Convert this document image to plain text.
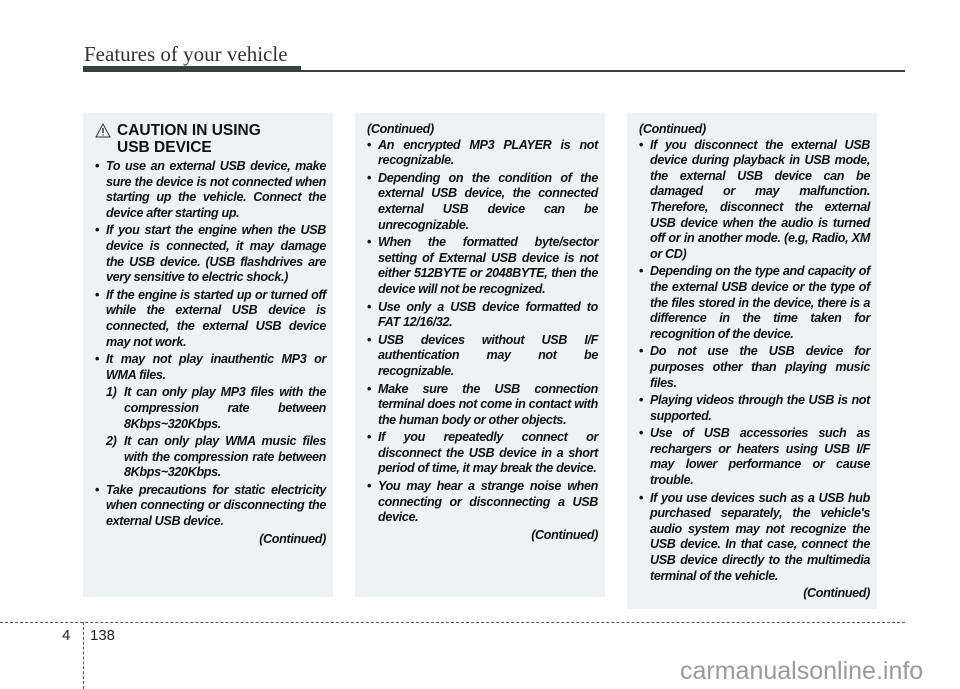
Features of your vehicle
CAUTION IN USING
USB DEVICE
• To use an external USB device, make sure the device is not connected when starting up the vehicle. Connect the device after starting up.
• If you start the engine when the USB device is connected, it may damage the USB device. (USB flashdrives are very sensitive to electric shock.)
• If the engine is started up or turned off while the external USB device is connected, the external USB device may not work.
• It may not play inauthentic MP3 or WMA files.
1) It can only play MP3 files with the compression rate between 8Kbps~320Kbps.
2) It can only play WMA music files with the compression rate between 8Kbps~320Kbps.
• Take precautions for static electricity when connecting or disconnecting the external USB device.
(Continued)
(Continued)
• An encrypted MP3 PLAYER is not recognizable.
• Depending on the condition of the external USB device, the connected external USB device can be unrecognizable.
• When the formatted byte/sector setting of External USB device is not either 512BYTE or 2048BYTE, then the device will not be recognized.
• Use only a USB device formatted to FAT 12/16/32.
• USB devices without USB I/F authentication may not be recognizable.
• Make sure the USB connection terminal does not come in contact with the human body or other objects.
• If you repeatedly connect or disconnect the USB device in a short period of time, it may break the device.
• You may hear a strange noise when connecting or disconnecting a USB device.
(Continued)
(Continued)
• If you disconnect the external USB device during playback in USB mode, the external USB device can be damaged or may malfunction. Therefore, disconnect the external USB device when the audio is turned off or in another mode. (e.g, Radio, XM or CD)
• Depending on the type and capacity of the external USB device or the type of the files stored in the device, there is a difference in the time taken for recognition of the device.
• Do not use the USB device for purposes other than playing music files.
• Playing videos through the USB is not supported.
• Use of USB accessories such as rechargers or heaters using USB I/F may lower performance or cause trouble.
• If you use devices such as a USB hub purchased separately, the vehicle's audio system may not recognize the USB device. In that case, connect the USB device directly to the multimedia terminal of the vehicle.
(Continued)
4 138
carmanualsonline.info
